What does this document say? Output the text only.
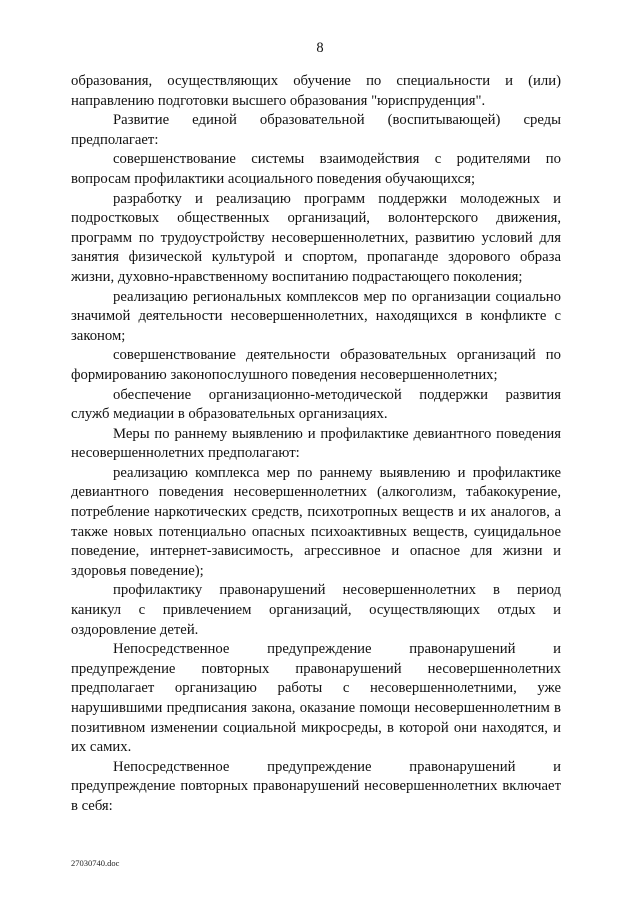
8

образования, осуществляющих обучение по специальности и (или) направлению подготовки высшего образования "юриспруденция".

Развитие единой образовательной (воспитывающей) среды предполагает:

совершенствование системы взаимодействия с родителями по вопросам профилактики асоциального поведения обучающихся;

разработку и реализацию программ поддержки молодежных и подростковых общественных организаций, волонтерского движения, программ по трудоустройству несовершеннолетних, развитию условий для занятия физической культурой и спортом, пропаганде здорового образа жизни, духовно-нравственному воспитанию подрастающего поколения;

реализацию региональных комплексов мер по организации социально значимой деятельности несовершеннолетних, находящихся в конфликте с законом;

совершенствование деятельности образовательных организаций по формированию законопослушного поведения несовершеннолетних;

обеспечение организационно-методической поддержки развития служб медиации в образовательных организациях.

Меры по раннему выявлению и профилактике девиантного поведения несовершеннолетних предполагают:

реализацию комплекса мер по раннему выявлению и профилактике девиантного поведения несовершеннолетних (алкоголизм, табакокурение, потребление наркотических средств, психотропных веществ и их аналогов, а также новых потенциально опасных психоактивных веществ, суицидальное поведение, интернет-зависимость, агрессивное и опасное для жизни и здоровья поведение);

профилактику правонарушений несовершеннолетних в период каникул с привлечением организаций, осуществляющих отдых и оздоровление детей.

Непосредственное предупреждение правонарушений и предупреждение повторных правонарушений несовершеннолетних предполагает организацию работы с несовершеннолетними, уже нарушившими предписания закона, оказание помощи несовершеннолетним в позитивном изменении социальной микросреды, в которой они находятся, и их самих.

Непосредственное предупреждение правонарушений и предупреждение повторных правонарушений несовершеннолетних включает в себя:

27030740.doc
